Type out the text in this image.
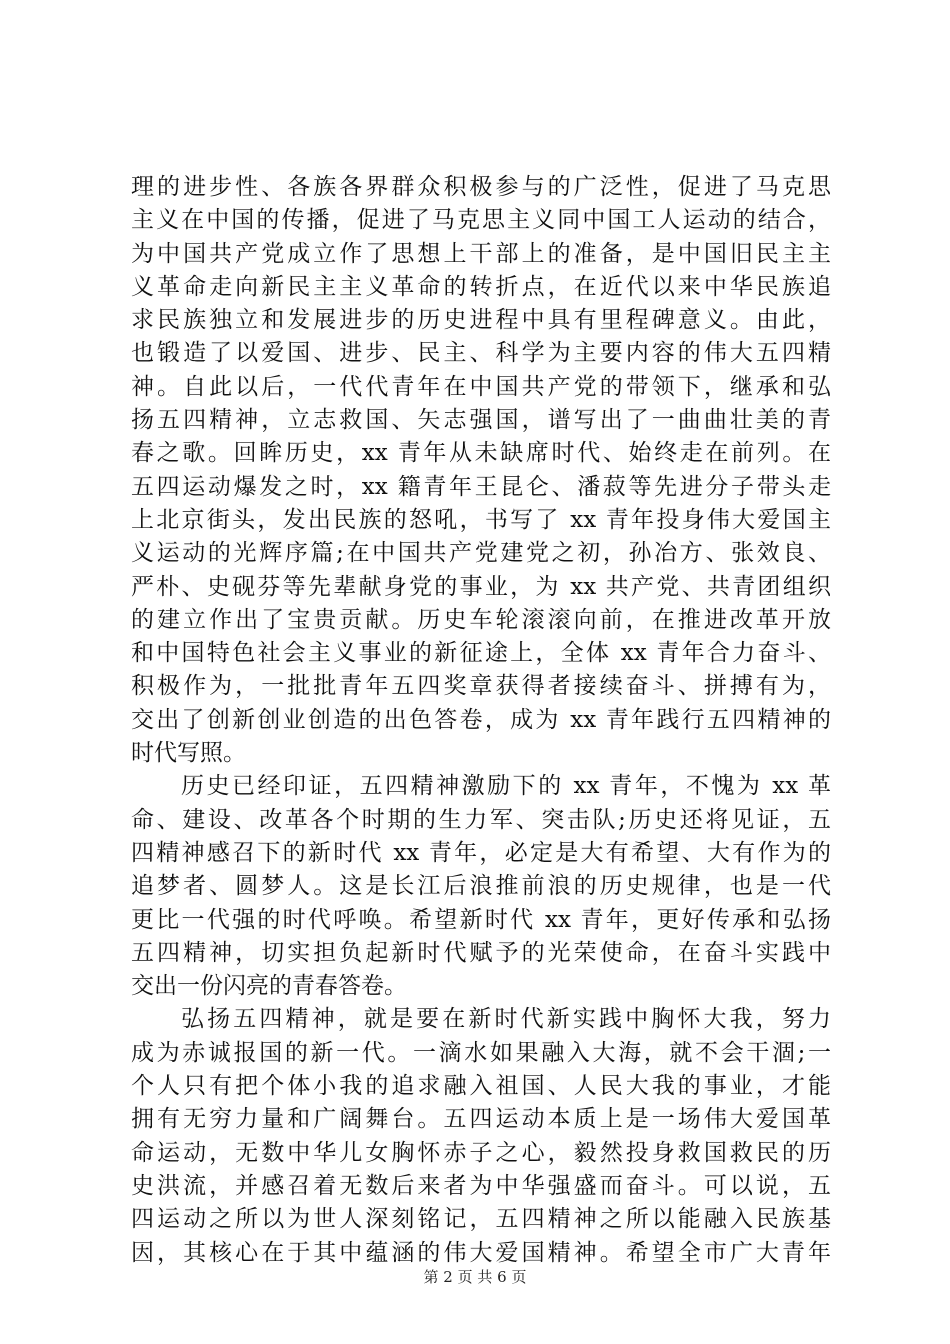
理的进步性、各族各界群众积极参与的广泛性，促进了马克思
主义在中国的传播，促进了马克思主义同中国工人运动的结合，
为中国共产党成立作了思想上干部上的准备，是中国旧民主主
义革命走向新民主主义革命的转折点，在近代以来中华民族追
求民族独立和发展进步的历史进程中具有里程碑意义。由此，
也锻造了以爱国、进步、民主、科学为主要内容的伟大五四精
神。自此以后，一代代青年在中国共产党的带领下，继承和弘
扬五四精神，立志救国、矢志强国，谱写出了一曲曲壮美的青
春之歌。回眸历史，xx 青年从未缺席时代、始终走在前列。在
五四运动爆发之时，xx 籍青年王昆仑、潘菽等先进分子带头走
上北京街头，发出民族的怒吼，书写了 xx 青年投身伟大爱国主
义运动的光辉序篇;在中国共产党建党之初，孙冶方、张效良、
严朴、史砚芬等先辈献身党的事业，为 xx 共产党、共青团组织
的建立作出了宝贵贡献。历史车轮滚滚向前，在推进改革开放
和中国特色社会主义事业的新征途上，全体 xx 青年合力奋斗、
积极作为，一批批青年五四奖章获得者接续奋斗、拼搏有为，
交出了创新创业创造的出色答卷，成为 xx 青年践行五四精神的
时代写照。
历史已经印证，五四精神激励下的 xx 青年，不愧为 xx 革
命、建设、改革各个时期的生力军、突击队;历史还将见证，五
四精神感召下的新时代 xx 青年，必定是大有希望、大有作为的
追梦者、圆梦人。这是长江后浪推前浪的历史规律，也是一代
更比一代强的时代呼唤。希望新时代 xx 青年，更好传承和弘扬
五四精神，切实担负起新时代赋予的光荣使命，在奋斗实践中
交出一份闪亮的青春答卷。
弘扬五四精神，就是要在新时代新实践中胸怀大我，努力
成为赤诚报国的新一代。一滴水如果融入大海，就不会干涸;一
个人只有把个体小我的追求融入祖国、人民大我的事业，才能
拥有无穷力量和广阔舞台。五四运动本质上是一场伟大爱国革
命运动，无数中华儿女胸怀赤子之心，毅然投身救国救民的历
史洪流，并感召着无数后来者为中华强盛而奋斗。可以说，五
四运动之所以为世人深刻铭记，五四精神之所以能融入民族基
因，其核心在于其中蕴涵的伟大爱国精神。希望全市广大青年
第 2 页 共 6 页
